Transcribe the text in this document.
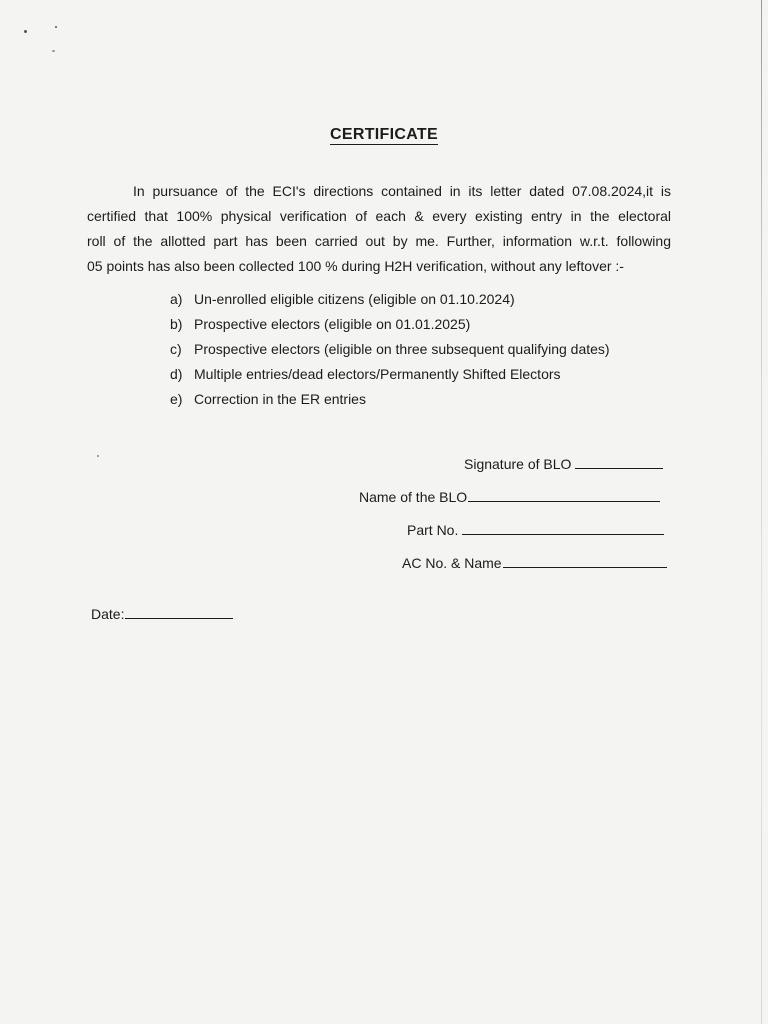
CERTIFICATE
In pursuance of the ECI's directions contained in its letter dated 07.08.2024,it is
certified that 100% physical verification of each & every existing entry in the electoral
roll of the allotted part has been carried out by me. Further, information w.r.t. following
05 points has also been collected 100 % during H2H verification, without any leftover :-
a) Un-enrolled eligible citizens (eligible on 01.10.2024)
b) Prospective electors (eligible on 01.01.2025)
c) Prospective electors (eligible on three subsequent qualifying dates)
d) Multiple entries/dead electors/Permanently Shifted Electors
e) Correction in the ER entries
Signature of BLO
Name of the BLO
Part No.
AC No. & Name
Date:
